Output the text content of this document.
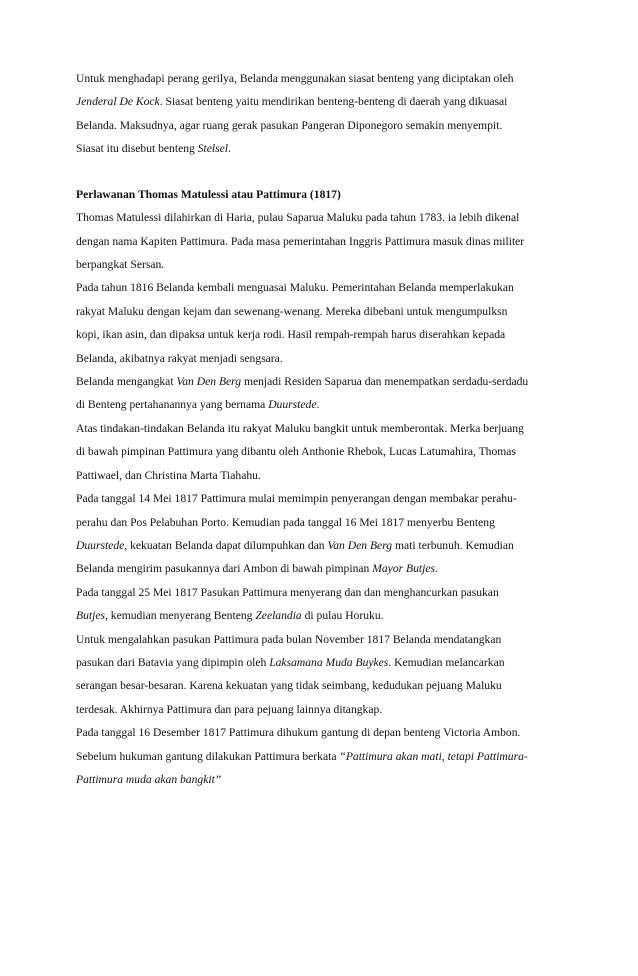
Untuk menghadapi perang gerilya, Belanda menggunakan siasat benteng yang diciptakan oleh
Jenderal De Kock. Siasat benteng yaitu mendirikan benteng-benteng di daerah yang dikuasai
Belanda. Maksudnya, agar ruang gerak pasukan Pangeran Diponegoro semakin menyempit.
Siasat itu disebut benteng Stelsel.
Perlawanan Thomas Matulessi atau Pattimura (1817)
Thomas Matulessi dilahirkan di Haria, pulau Saparua Maluku pada tahun 1783. ia lebih dikenal
dengan nama Kapiten Pattimura. Pada masa pemerintahan Inggris Pattimura masuk dinas militer
berpangkat Sersan.
Pada tahun 1816 Belanda kembali menguasai Maluku. Pemerintahan Belanda memperlakukan
rakyat Maluku dengan kejam dan sewenang-wenang. Mereka dibebani untuk mengumpulksn
kopi, ikan asin, dan dipaksa untuk kerja rodi. Hasil rempah-rempah harus diserahkan kepada
Belanda, akibatnya rakyat menjadi sengsara.
Belanda mengangkat Van Den Berg menjadi Residen Saparua dan menempatkan serdadu-serdadu
di Benteng pertahanannya yang bernama Duurstede.
Atas tindakan-tindakan Belanda itu rakyat Maluku bangkit untuk memberontak. Merka berjuang
di bawah pimpinan Pattimura yang dibantu oleh Anthonie Rhebok, Lucas Latumahira, Thomas
Pattiwael, dan Christina Marta Tiahahu.
Pada tanggal 14 Mei 1817 Pattimura mulai memimpin penyerangan dengan membakar perahu-
perahu dan Pos Pelabuhan Porto. Kemudian pada tanggal 16 Mei 1817 menyerbu Benteng
Duurstede, kekuatan Belanda dapat dilumpuhkan dan Van Den Berg mati terbunuh. Kemudian
Belanda mengirim pasukannya dari Ambon di bawah pimpinan Mayor Butjes.
Pada tanggal 25 Mei 1817 Pasukan Pattimura menyerang dan dan menghancurkan pasukan
Butjes, kemudian menyerang Benteng Zeelandia di pulau Horuku.
Untuk mengalahkan pasukan Pattimura pada bulan November 1817 Belanda mendatangkan
pasukan dari Batavia yang dipimpin oleh Laksamana Muda Buykes. Kemudian melancarkan
serangan besar-besaran. Karena kekuatan yang tidak seimbang, kedudukan pejuang Maluku
terdesak. Akhirnya Pattimura dan para pejuang lainnya ditangkap.
Pada tanggal 16 Desember 1817 Pattimura dihukum gantung di depan benteng Victoria Ambon.
Sebelum hukuman gantung dilakukan Pattimura berkata “Pattimura akan mati, tetapi Pattimura-
Pattimura muda akan bangkit”
